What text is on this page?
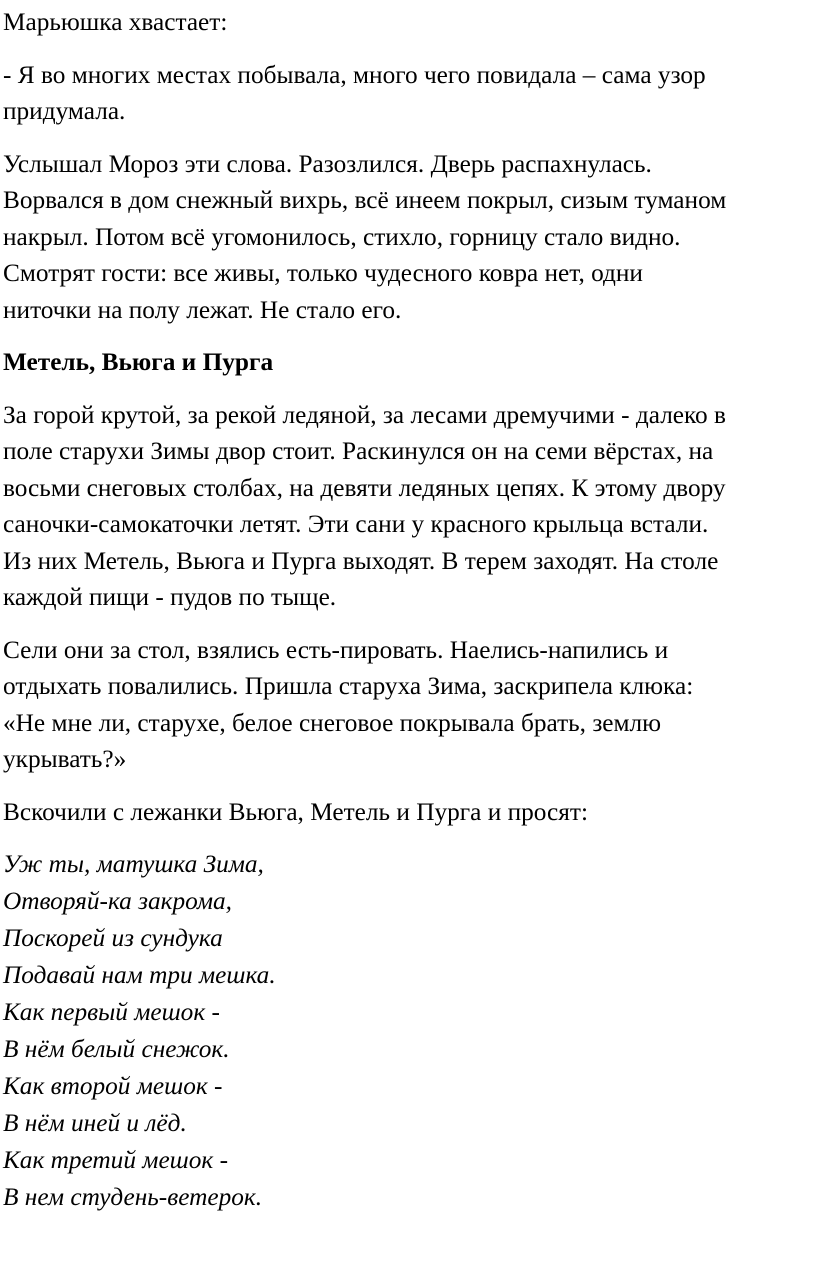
Марьюшка хвастает:
- Я во многих местах побывала, много чего повидала – сама узор
придумала.
Услышал Мороз эти слова. Разозлился. Дверь распахнулась.
Ворвался в дом снежный вихрь, всё инеем покрыл, сизым туманом
накрыл. Потом всё угомонилось, стихло, горницу стало видно.
Смотрят гости: все живы, только чудесного ковра нет, одни
ниточки на полу лежат. Не стало его.
Метель, Вьюга и Пурга
За горой крутой, за рекой ледяной, за лесами дремучими - далеко в
поле старухи Зимы двор стоит. Раскинулся он на семи вёрстах, на
восьми снеговых столбах, на девяти ледяных цепях. К этому двору
саночки-самокаточки летят. Эти сани у красного крыльца встали.
Из них Метель, Вьюга и Пурга выходят. В терем заходят. На столе
каждой пищи - пудов по тыще.
Сели они за стол, взялись есть-пировать. Наелись-напились и
отдыхать повалились. Пришла старуха Зима, заскрипела клюка:
«Не мне ли, старухе, белое снеговое покрывала брать, землю
укрывать?»
Вскочили с лежанки Вьюга, Метель и Пурга и просят:
Уж ты, матушка Зима,
Отворяй-ка закрома,
Поскорей из сундука
Подавай нам три мешка.
Как первый мешок -
В нём белый снежок.
Как второй мешок -
В нём иней и лёд.
Как третий мешок -
В нем студень-ветерок.
